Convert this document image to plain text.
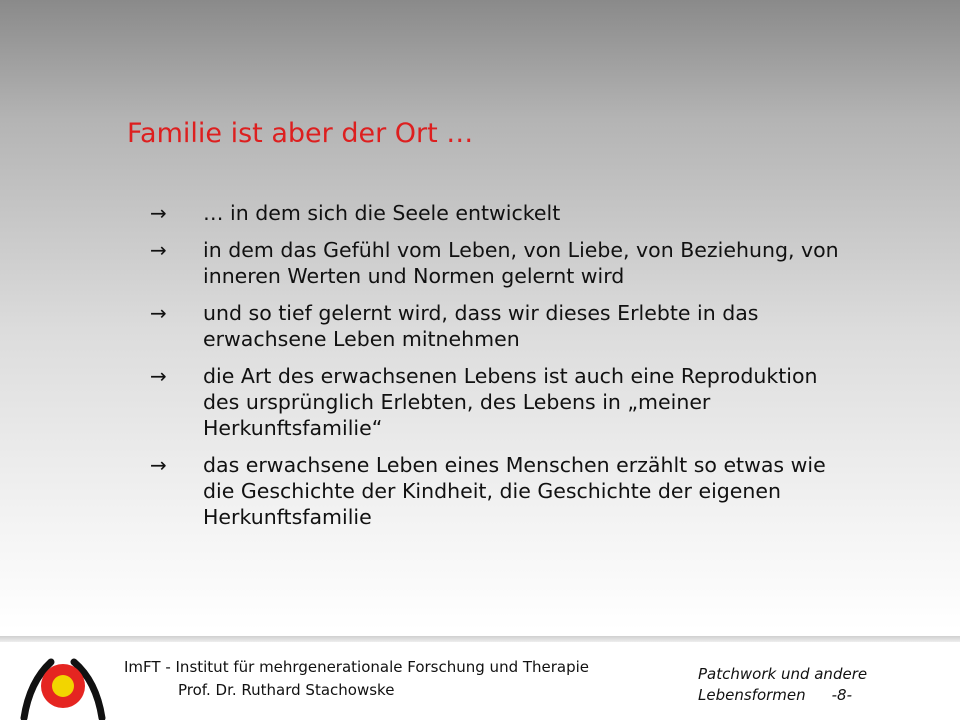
Familie ist aber der Ort …
→ … in dem sich die Seele entwickelt
→ in dem das Gefühl vom Leben, von Liebe, von Beziehung, von inneren Werten und Normen gelernt wird
→ und so tief gelernt wird, dass wir dieses Erlebte in das erwachsene Leben mitnehmen
→ die Art des erwachsenen Lebens ist auch eine Reproduktion des ursprünglich Erlebten, des Lebens in „meiner Herkunftsfamilie“
→ das erwachsene Leben eines Menschen erzählt so etwas wie die Geschichte der Kindheit, die Geschichte der eigenen Herkunftsfamilie
ImFT - Institut für mehrgenerationale Forschung und Therapie
Prof. Dr. Ruthard Stachowske
Patchwork und andere
Lebensformen -8-
